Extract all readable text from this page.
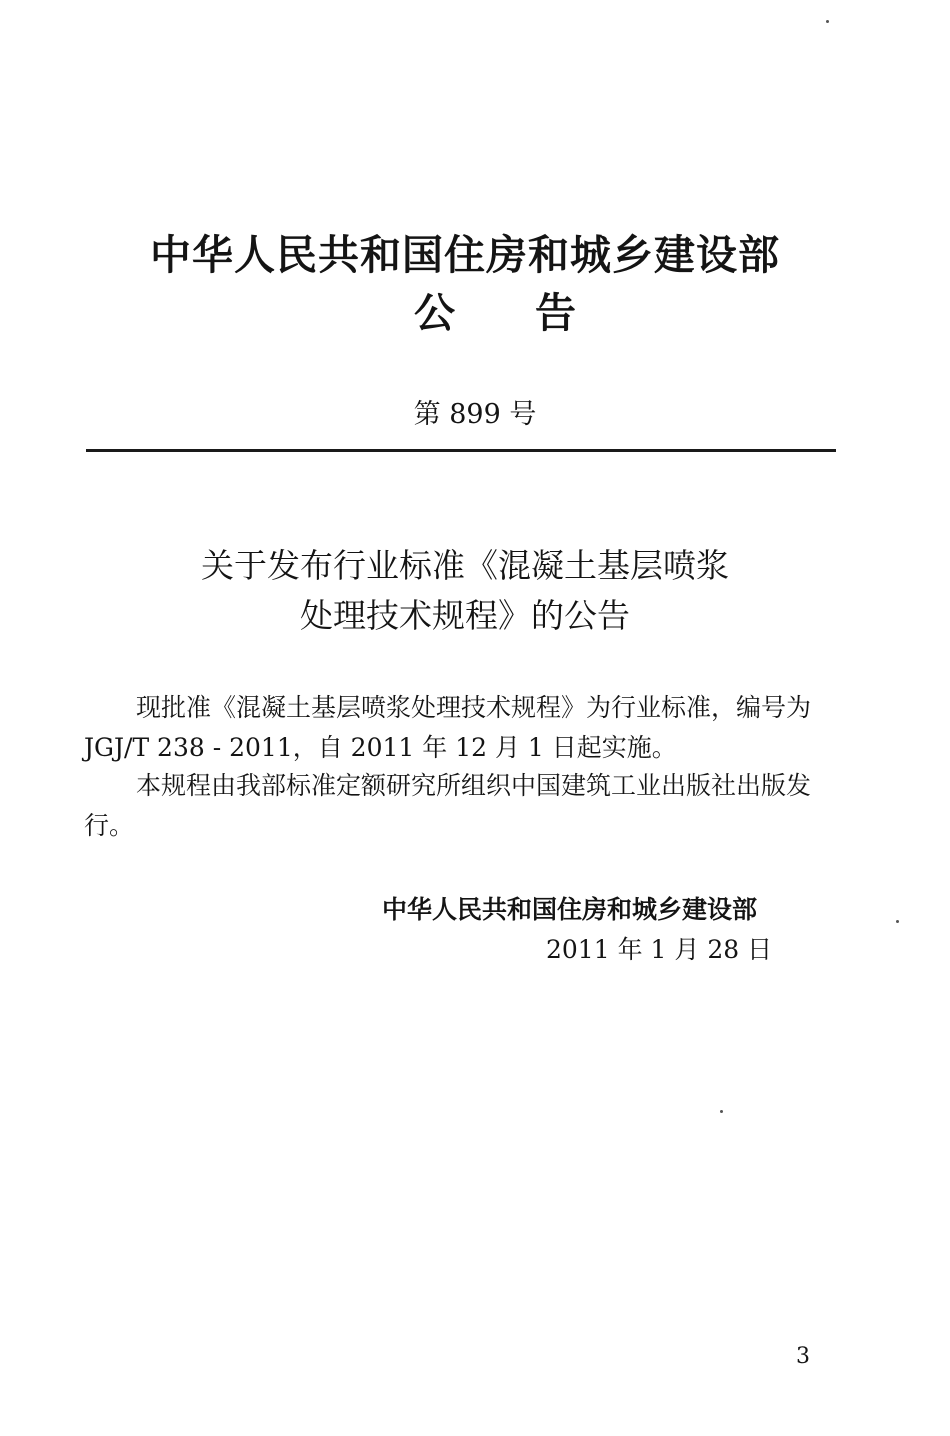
中华人民共和国住房和城乡建设部
公告
第 899 号
关于发布行业标准《混凝土基层喷浆
处理技术规程》的公告
现批准《混凝土基层喷浆处理技术规程》为行业标准，编号为 JGJ/T 238 - 2011，自 2011 年 12 月 1 日起实施。
本规程由我部标准定额研究所组织中国建筑工业出版社出版发行。
中华人民共和国住房和城乡建设部
2011 年 1 月 28 日
3
